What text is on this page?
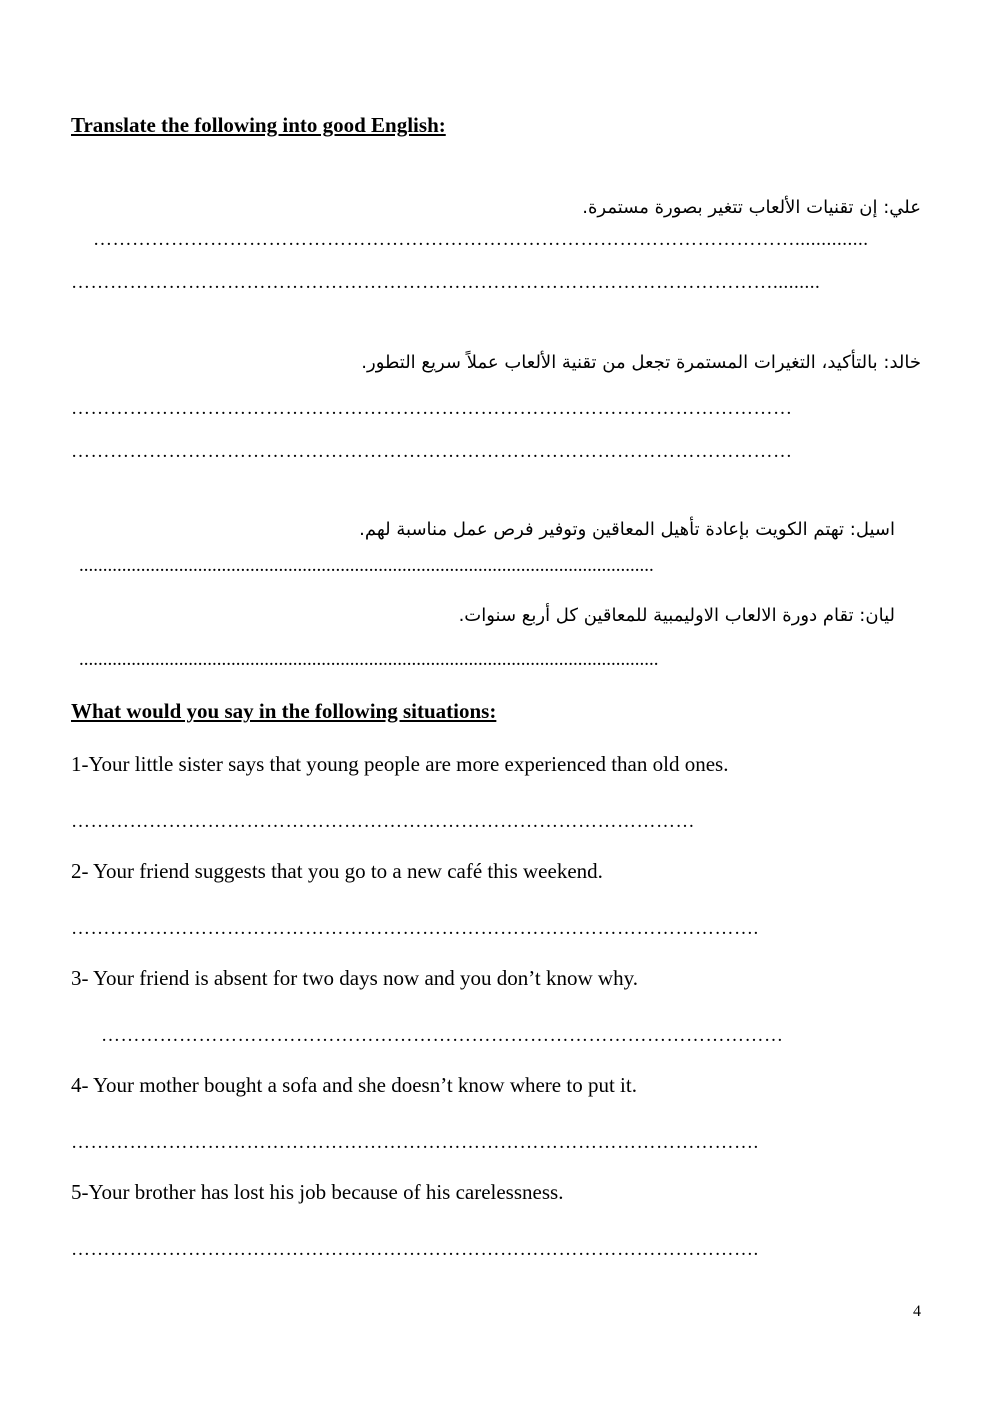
Translate the following into good English:
علي: إن تقنيات الألعاب تتغير بصورة مستمرة.
………………………………………………………………………………………………..............
……………………………………………………………………………………………….........
خالد: بالتأكيد، التغيرات المستمرة تجعل من تقنية الألعاب عملاً سريع التطور.
…………………………………………………………………………………………………
…………………………………………………………………………………………………
اسيل: تهتم الكويت بإعادة تأهيل المعاقين وتوفير فرص عمل مناسبة لهم.
.........................................................................................................................
ليان: تقام دورة الالعاب الاوليمبية للمعاقين كل أربع سنوات.
..........................................................................................................................
What would you say in the following situations:
1-Your little sister says that young people are more experienced than old ones.
……………………………………………………………………………………
2- Your friend suggests that you go to a new café this weekend.
…………………………………………………………………………………………….
3- Your friend is absent for two days now and you don’t know why.
……………………………………………………………………………………………
4- Your mother bought a sofa and she doesn’t know where to put it.
…………………………………………………………………………………………….
5-Your brother has lost his job because of his carelessness.
…………………………………………………………………………………………….
4
